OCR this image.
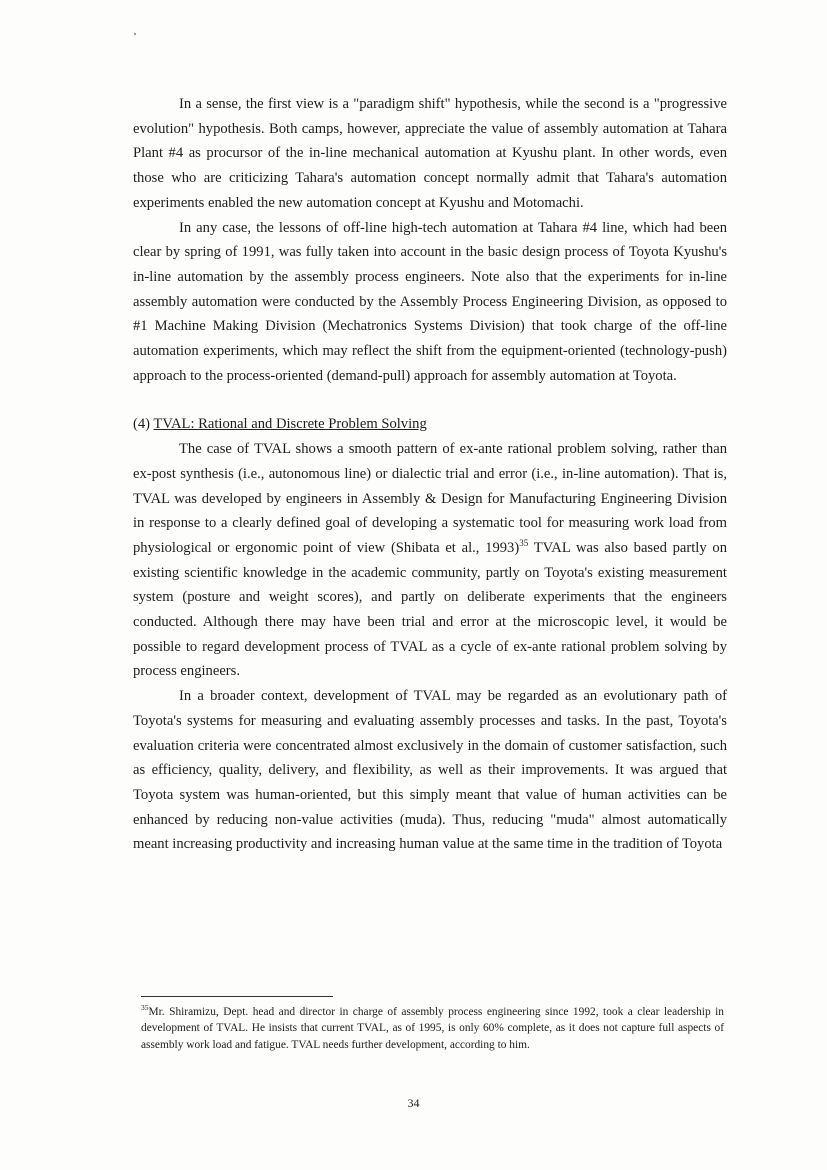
In a sense, the first view is a "paradigm shift" hypothesis, while the second is a "progressive evolution" hypothesis. Both camps, however, appreciate the value of assembly automation at Tahara Plant #4 as procursor of the in-line mechanical automation at Kyushu plant. In other words, even those who are criticizing Tahara's automation concept normally admit that Tahara's automation experiments enabled the new automation concept at Kyushu and Motomachi.

In any case, the lessons of off-line high-tech automation at Tahara #4 line, which had been clear by spring of 1991, was fully taken into account in the basic design process of Toyota Kyushu's in-line automation by the assembly process engineers. Note also that the experiments for in-line assembly automation were conducted by the Assembly Process Engineering Division, as opposed to #1 Machine Making Division (Mechatronics Systems Division) that took charge of the off-line automation experiments, which may reflect the shift from the equipment-oriented (technology-push) approach to the process-oriented (demand-pull) approach for assembly automation at Toyota.

(4) TVAL: Rational and Discrete Problem Solving

The case of TVAL shows a smooth pattern of ex-ante rational problem solving, rather than ex-post synthesis (i.e., autonomous line) or dialectic trial and error (i.e., in-line automation). That is, TVAL was developed by engineers in Assembly & Design for Manufacturing Engineering Division in response to a clearly defined goal of developing a systematic tool for measuring work load from physiological or ergonomic point of view (Shibata et al., 1993)$^{35}$ TVAL was also based partly on existing scientific knowledge in the academic community, partly on Toyota's existing measurement system (posture and weight scores), and partly on deliberate experiments that the engineers conducted. Although there may have been trial and error at the microscopic level, it would be possible to regard development process of TVAL as a cycle of ex-ante rational problem solving by process engineers.

In a broader context, development of TVAL may be regarded as an evolutionary path of Toyota's systems for measuring and evaluating assembly processes and tasks. In the past, Toyota's evaluation criteria were concentrated almost exclusively in the domain of customer satisfaction, such as efficiency, quality, delivery, and flexibility, as well as their improvements. It was argued that Toyota system was human-oriented, but this simply meant that value of human activities can be enhanced by reducing non-value activities (muda). Thus, reducing "muda" almost automatically meant increasing productivity and increasing human value at the same time in the tradition of Toyota

$^{35}$Mr. Shiramizu, Dept. head and director in charge of assembly process engineering since 1992, took a clear leadership in development of TVAL. He insists that current TVAL, as of 1995, is only 60% complete, as it does not capture full aspects of assembly work load and fatigue. TVAL needs further development, according to him.

34
